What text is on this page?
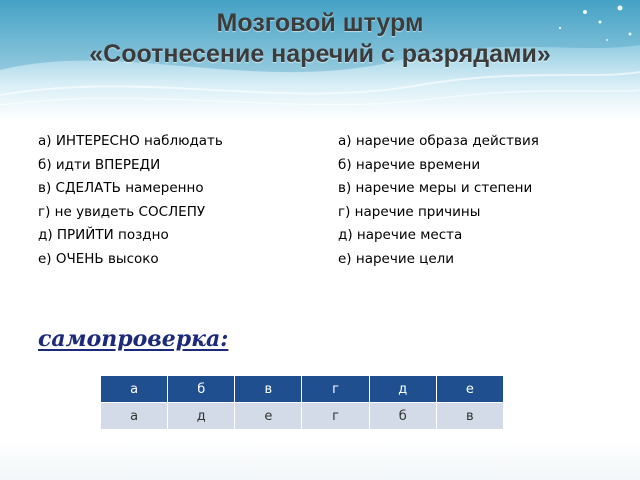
Мозговой штурм
«Соотнесение наречий с разрядами»
а) ИНТЕРЕСНО наблюдать	а) наречие образа действия
б) идти ВПЕРЕДИ	б) наречие времени
в) СДЕЛАТЬ намеренно	в) наречие меры и степени
г) не увидеть СОСЛЕПУ	г) наречие причины
д) ПРИЙТИ поздно	д) наречие места
е) ОЧЕНЬ высоко	е) наречие цели
самопроверка:
а	б	в	г	д	е
а	д	е	г	б	в
